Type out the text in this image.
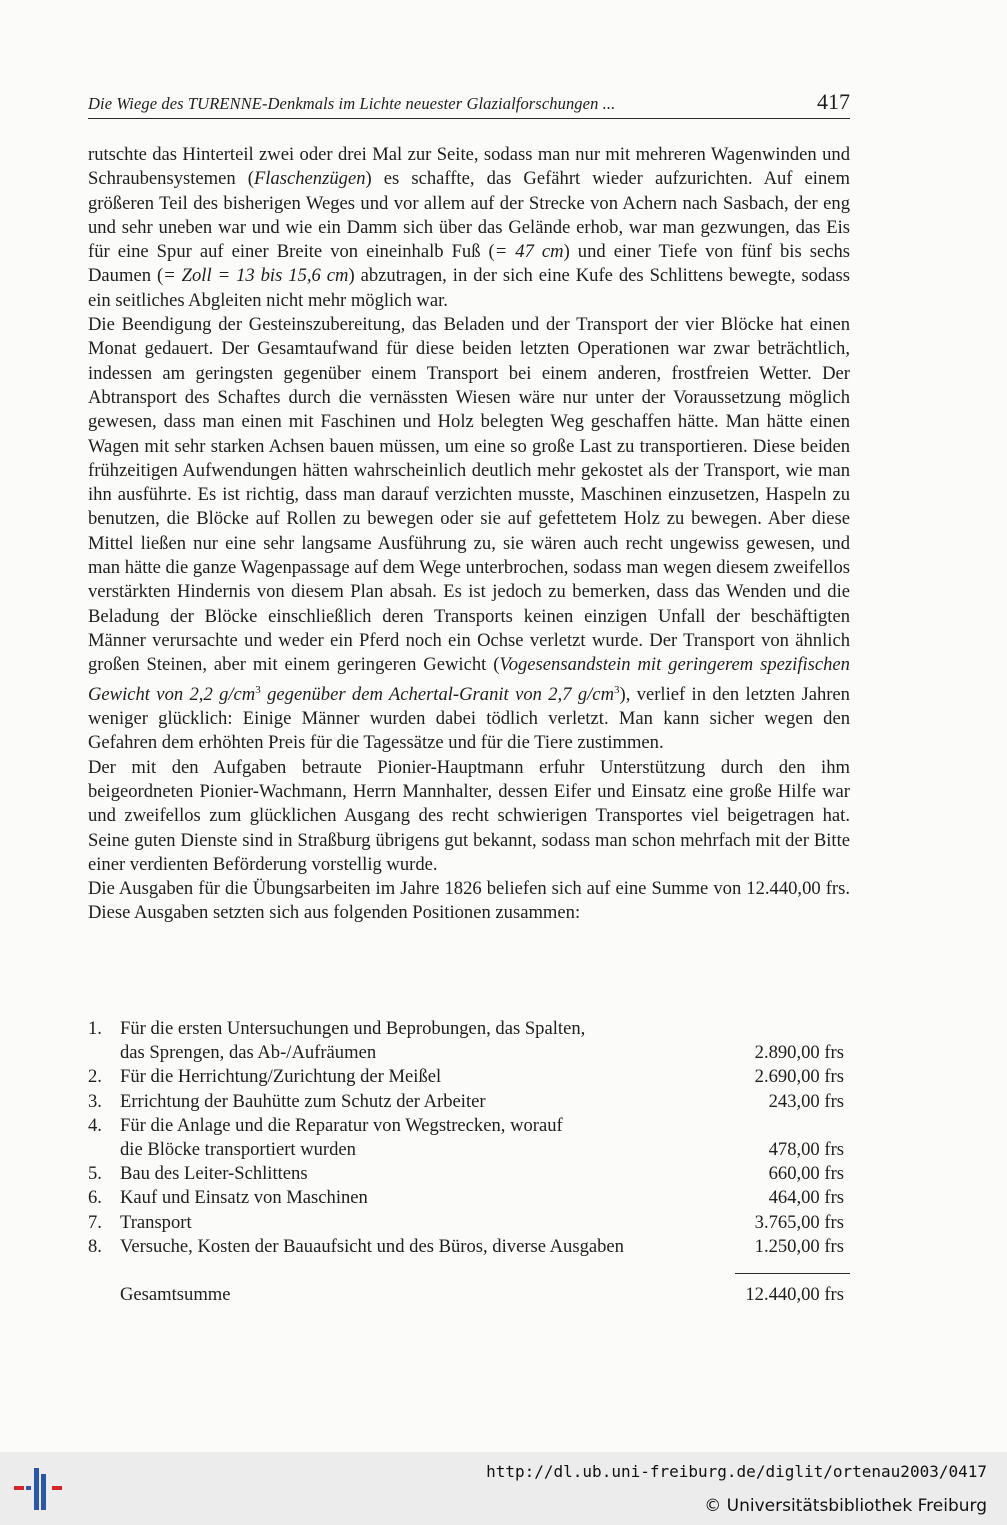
Die Wiege des TURENNE-Denkmals im Lichte neuester Glazialforschungen ...	417

rutschte das Hinterteil zwei oder drei Mal zur Seite, sodass man nur mit mehreren Wagenwinden und Schraubensystemen (Flaschenzügen) es schaffte, das Gefährt wieder aufzurichten. Auf einem größeren Teil des bisherigen Weges und vor allem auf der Strecke von Achern nach Sasbach, der eng und sehr uneben war und wie ein Damm sich über das Gelände erhob, war man gezwungen, das Eis für eine Spur auf einer Breite von eineinhalb Fuß (= 47 cm) und einer Tiefe von fünf bis sechs Daumen (= Zoll = 13 bis 15,6 cm) abzutragen, in der sich eine Kufe des Schlittens bewegte, sodass ein seitliches Abgleiten nicht mehr möglich war.

Die Beendigung der Gesteinszubereitung, das Beladen und der Transport der vier Blöcke hat einen Monat gedauert. Der Gesamtaufwand für diese beiden letzten Operationen war zwar beträchtlich, indessen am geringsten gegenüber einem Transport bei einem anderen, frostfreien Wetter. Der Abtransport des Schaftes durch die vernässten Wiesen wäre nur unter der Voraussetzung möglich gewesen, dass man einen mit Faschinen und Holz belegten Weg geschaffen hätte. Man hätte einen Wagen mit sehr starken Achsen bauen müssen, um eine so große Last zu transportieren. Diese beiden frühzeitigen Aufwendungen hätten wahrscheinlich deutlich mehr gekostet als der Transport, wie man ihn ausführte. Es ist richtig, dass man darauf verzichten musste, Maschinen einzusetzen, Haspeln zu benutzen, die Blöcke auf Rollen zu bewegen oder sie auf gefettetem Holz zu bewegen. Aber diese Mittel ließen nur eine sehr langsame Ausführung zu, sie wären auch recht ungewiss gewesen, und man hätte die ganze Wagenpassage auf dem Wege unterbrochen, sodass man wegen diesem zweifellos verstärkten Hindernis von diesem Plan absah. Es ist jedoch zu bemerken, dass das Wenden und die Beladung der Blöcke einschließlich deren Transports keinen einzigen Unfall der beschäftigten Männer verursachte und weder ein Pferd noch ein Ochse verletzt wurde. Der Transport von ähnlich großen Steinen, aber mit einem geringeren Gewicht (Vogesensandstein mit geringerem spezifischen Gewicht von 2,2 $g/cm^3$ gegenüber dem Achertal-Granit von 2,7 $g/cm^3$), verlief in den letzten Jahren weniger glücklich: Einige Männer wurden dabei tödlich verletzt. Man kann sicher wegen den Gefahren dem erhöhten Preis für die Tagessätze und für die Tiere zustimmen.

Der mit den Aufgaben betraute Pionier-Hauptmann erfuhr Unterstützung durch den ihm beigeordneten Pionier-Wachmann, Herrn Mannhalter, dessen Eifer und Einsatz eine große Hilfe war und zweifellos zum glücklichen Ausgang des recht schwierigen Transportes viel beigetragen hat. Seine guten Dienste sind in Straßburg übrigens gut bekannt, sodass man schon mehrfach mit der Bitte einer verdienten Beförderung vorstellig wurde.

Die Ausgaben für die Übungsarbeiten im Jahre 1826 beliefen sich auf eine Summe von 12.440,00 frs. Diese Ausgaben setzten sich aus folgenden Positionen zusammen:

1. Für die ersten Untersuchungen und Beprobungen, das Spalten,
das Sprengen, das Ab-/Aufräumen	2.890,00 frs
2. Für die Herrichtung/Zurichtung der Meißel	2.690,00 frs
3. Errichtung der Bauhütte zum Schutz der Arbeiter	243,00 frs
4. Für die Anlage und die Reparatur von Wegstrecken, worauf
die Blöcke transportiert wurden	478,00 frs
5. Bau des Leiter-Schlittens	660,00 frs
6. Kauf und Einsatz von Maschinen	464,00 frs
7. Transport	3.765,00 frs
8. Versuche, Kosten der Bauaufsicht und des Büros, diverse Ausgaben	1.250,00 frs
Gesamtsumme	12.440,00 frs
http://dl.ub.uni-freiburg.de/diglit/ortenau2003/0417
© Universitätsbibliothek Freiburg
